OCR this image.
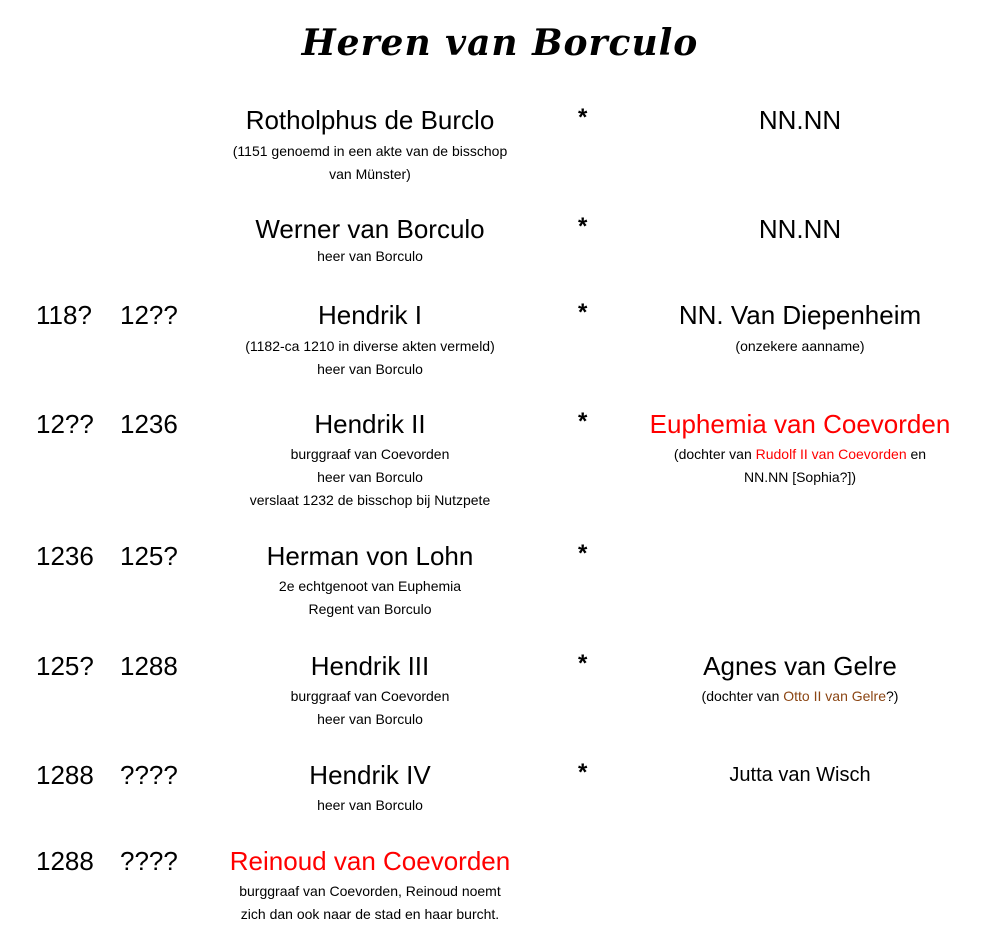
Heren van Borculo
Rotholphus de Burclo
(1151 genoemd in een akte van de bisschop
van Münster)
*	NN.NN
Werner van Borculo
heer van Borculo
*	NN.NN
118? 12??	Hendrik I
(1182-ca 1210 in diverse akten vermeld)
heer van Borculo
*	NN. Van Diepenheim
(onzekere aanname)
12?? 1236	Hendrik II
burggraaf van Coevorden
heer van Borculo
verslaat 1232 de bisschop bij Nutzpete
*	Euphemia van Coevorden
(dochter van Rudolf II van Coevorden en
NN.NN [Sophia?])
1236 125?	Herman von Lohn
2e echtgenoot van Euphemia
Regent van Borculo
*
125? 1288	Hendrik III
burggraaf van Coevorden
heer van Borculo
*	Agnes van Gelre
(dochter van Otto II van Gelre?)
1288 ????	Hendrik IV
heer van Borculo
*	Jutta van Wisch
1288 ????	Reinoud van Coevorden
burggraaf van Coevorden, Reinoud noemt
zich dan ook naar de stad en haar burcht.
